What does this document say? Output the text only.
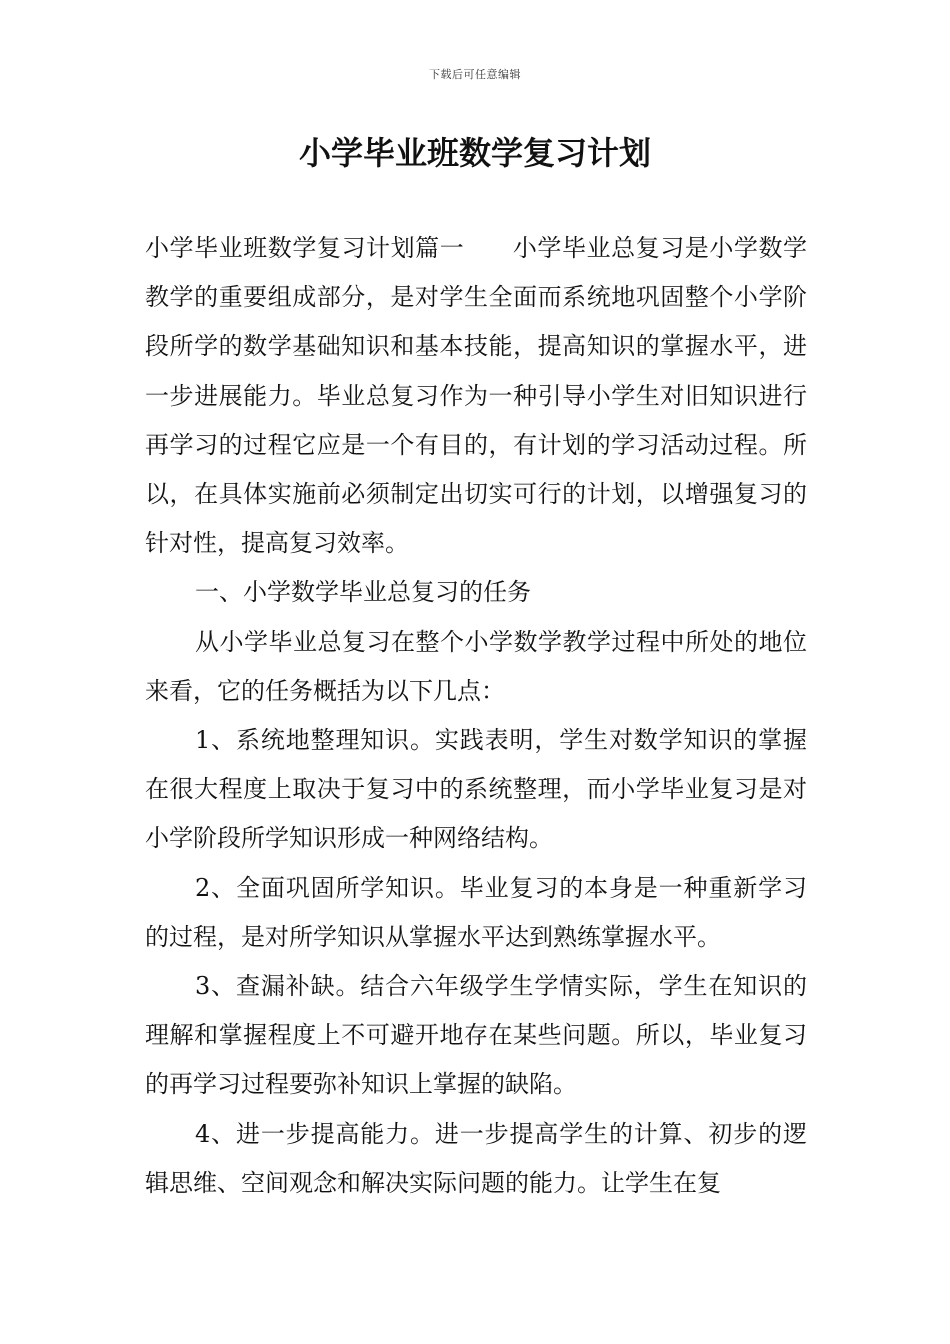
下载后可任意编辑
小学毕业班数学复习计划

小学毕业班数学复习计划篇一 小学毕业总复习是小学数学教学的重要组成部分，是对学生全面而系统地巩固整个小学阶段所学的数学基础知识和基本技能，提高知识的掌握水平，进一步进展能力。毕业总复习作为一种引导小学生对旧知识进行再学习的过程它应是一个有目的，有计划的学习活动过程。所以，在具体实施前必须制定出切实可行的计划，以增强复习的针对性，提高复习效率。

一、小学数学毕业总复习的任务

从小学毕业总复习在整个小学数学教学过程中所处的地位来看，它的任务概括为以下几点：

1、系统地整理知识。实践表明，学生对数学知识的掌握在很大程度上取决于复习中的系统整理，而小学毕业复习是对小学阶段所学知识形成一种网络结构。

2、全面巩固所学知识。毕业复习的本身是一种重新学习的过程，是对所学知识从掌握水平达到熟练掌握水平。

3、查漏补缺。结合六年级学生学情实际，学生在知识的理解和掌握程度上不可避开地存在某些问题。所以，毕业复习的再学习过程要弥补知识上掌握的缺陷。

4、进一步提高能力。进一步提高学生的计算、初步的逻辑思维、空间观念和解决实际问题的能力。让学生在复
